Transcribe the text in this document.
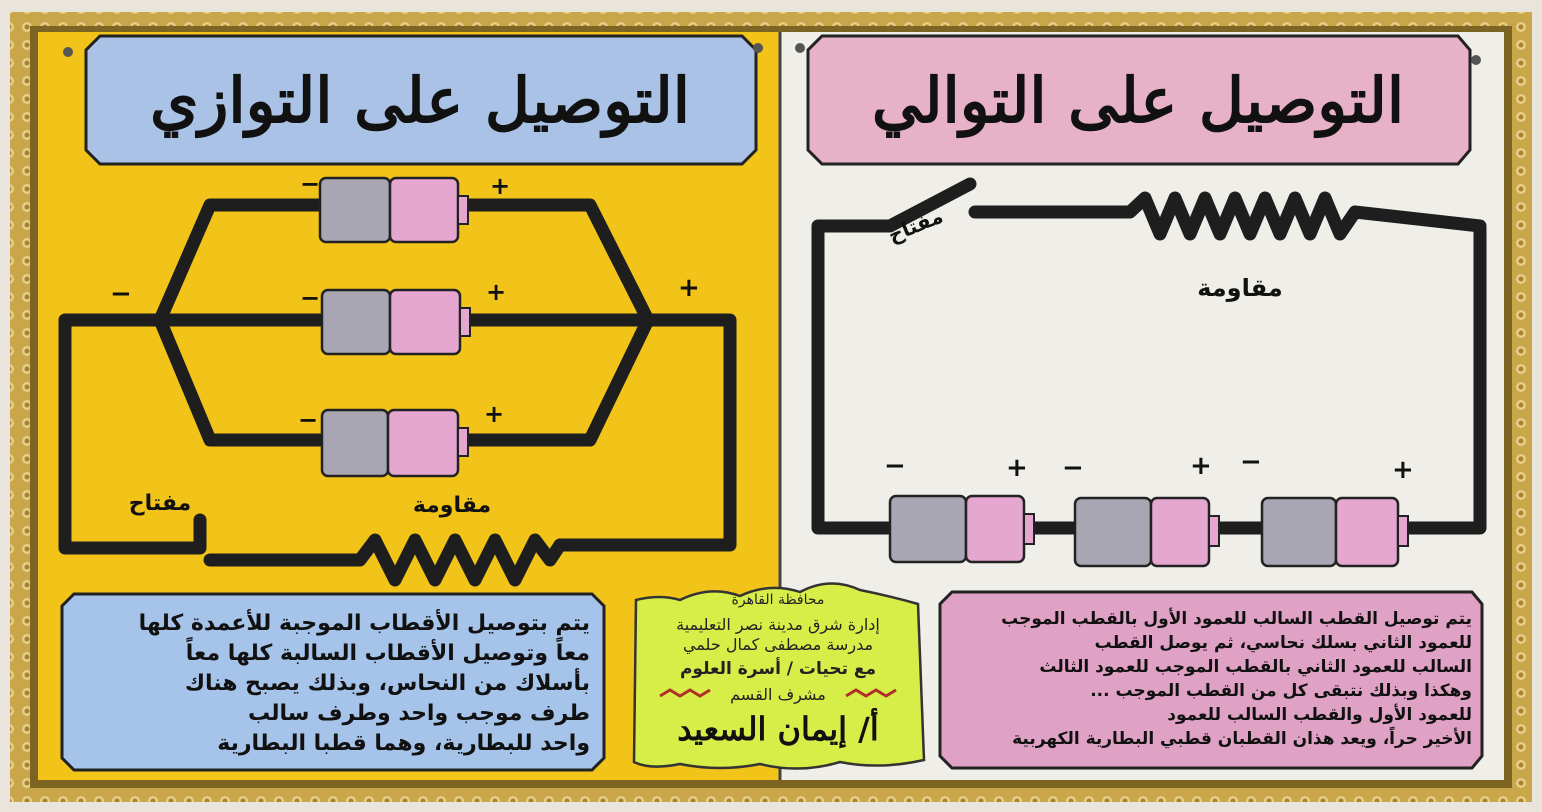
التوصيل على التوازي	التوصيل على التوالي
−	+
−	+
−	+
−	+
مفتاح	مقاومة
−	+ −	+ −	+
مفتاح
مقاومة
يتم بتوصيل الأقطاب الموجبة للأعمدة كلها
معاً وتوصيل الأقطاب السالبة كلها معاً
بأسلاك من النحاس، وبذلك يصبح هناك
طرف موجب واحد وطرف سالب
واحد للبطارية، وهما قطبا البطارية
يتم توصيل القطب السالب للعمود الأول بالقطب الموجب
للعمود الثاني بسلك نحاسي، ثم يوصل القطب
السالب للعمود الثاني بالقطب الموجب للعمود الثالث
... وهكذا وبذلك نتبقى كل من القطب الموجب
للعمود الأول والقطب السالب للعمود
الأخير حراً، ويعد هذان القطبان قطبي البطارية الكهربية
محافظة القاهرة
إدارة شرق مدينة نصر التعليمية
مدرسة مصطفى كمال حلمي
مع تحيات / أسرة العلوم
مشرف القسم
أ/ إيمان السعيد
